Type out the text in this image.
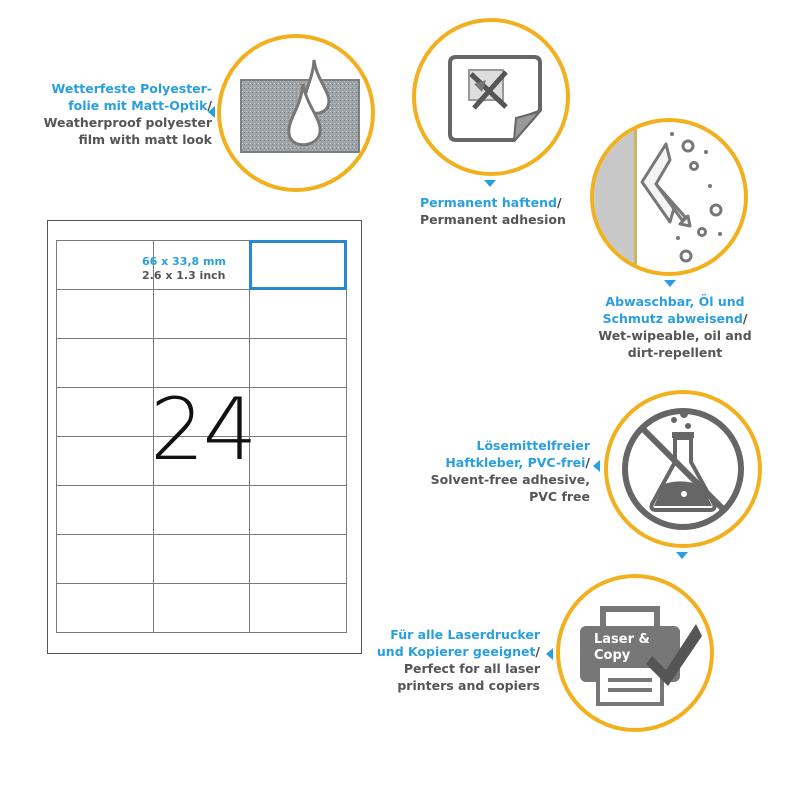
Wetterfeste Polyester-
folie mit Matt-Optik/
Weatherproof polyester
film with matt look
Permanent haftend/
Permanent adhesion
Abwaschbar, Öl und
Schmutz abweisend/
Wet-wipeable, oil and
dirt-repellent
Lösemittelfreier
Haftkleber, PVC-frei/
Solvent-free adhesive,
PVC free
Für alle Laserdrucker
und Kopierer geeignet/
Perfect for all laser
printers and copiers
Laser &
Copy
66 x 33,8 mm
2.6 x 1.3 inch
24
